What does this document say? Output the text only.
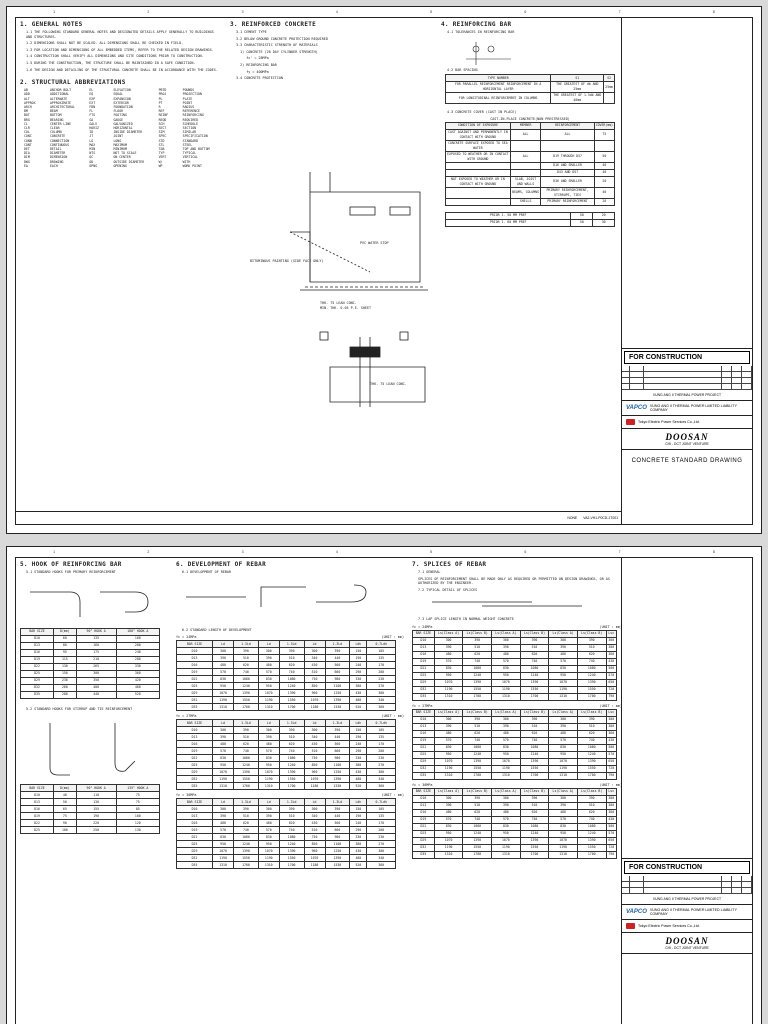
1	2	3	4	5	6	7	8
1. GENERAL NOTES
1.1 THE FOLLOWING STANDARD GENERAL NOTES AND DESIGNATED DETAILS APPLY GENERALLY TO BUILDINGS AND STRUCTURES.
1.2 DIMENSIONS SHALL NOT BE SCALED. ALL DIMENSIONS SHALL BE CHECKED IN FIELD.
1.3 FOR LOCATION AND DIMENSIONS OF ALL EMBEDDED ITEMS, REFER TO THE RELATED DESIGN DRAWINGS.
1.4 CONSTRUCTION SHALL VERIFY ALL DIMENSIONS AND SITE CONDITIONS PRIOR TO CONSTRUCTION.
1.5 DURING THE CONSTRUCTION, THE STRUCTURE SHALL BE MAINTAINED IN A SAFE CONDITION.
1.6 THE DESIGN AND DETAILING OF THE STRUCTURAL CONCRETE SHALL BE IN ACCORDANCE WITH THE CODES.
2. STRUCTURAL ABBREVIATIONS
AB	ANCHOR BOLT	EL	ELEVATION	PBTD	POUNDS
ADD	ADDITIONAL	EQ	EQUAL	PROJ	PROJECTION
ALT	ALTERNATE	EXP	EXPANSION	PL	PLATE
APPROX	APPROXIMATE	EXT	EXTERIOR	PT	POINT
ARCH	ARCHITECTURAL	FDN	FOUNDATION	R	RADIUS
BM	BEAM	FL	FLOOR	REF	REFERENCE
BOT	BOTTOM	FTG	FOOTING	REINF	REINFORCING
BRG	BEARING	GA	GAUGE	REQD	REQUIRED
CL	CENTER LINE	GALV	GALVANIZED	SCH	SCHEDULE
CLR	CLEAR	HORIZ	HORIZONTAL	SECT	SECTION
COL	COLUMN	ID	INSIDE DIAMETER	SIM	SIMILAR
CONC	CONCRETE	JT	JOINT	SPEC	SPECIFICATION
CONN	CONNECTION	LG	LONG	STD	STANDARD
CONT	CONTINUOUS	MAX	MAXIMUM	STL	STEEL
DET	DETAIL	MIN	MINIMUM	T&B	TOP AND BOTTOM
DIA	DIAMETER	NTS	NOT TO SCALE	TYP	TYPICAL
DIM	DIMENSION	OC	ON CENTER	VERT	VERTICAL
DWG	DRAWING	OD	OUTSIDE DIAMETER	W/	WITH
EA	EACH	OPNG	OPENING	WP	WORK POINT
3. REINFORCED CONCRETE
3.1 CEMENT TYPE
3.2 BELOW GROUND CONCRETE PROTECTION REQUIRED
3.3 CHARACTERISTIC STRENGTH OF MATERIALS
1) CONCRETE (28 DAY CYLINDER STRENGTH)
fc' = 28MPa
2) REINFORCING BAR
fy = 400MPa
3.4 CONCRETE PROTECTION
BITUMINOUS PAINTING (SIDE FACE ONLY)
PVC WATER STOP
THK. 75 LEAN CONC.
MIN. THK. 0.05 P.E. SHEET
THK. 75 LEAN CONC.
4. REINFORCING BAR
4.1 TOLERANCES IN REINFORCING BAR
4.2 BAR SPACING
TYPE NUMBER	S1	S2
FOR PARALLEL REINFORCEMENT REINFORCEMENT IN A HORIZONTAL LAYER	THE GREATEST OF db AND 25mm	25mm
FOR LONGITUDINAL REINFORCEMENT IN COLUMNS	THE GREATEST OF 1.5db AND 40mm	
4.3 CONCRETE COVER (CAST IN PLACE)
CAST-IN-PLACE CONCRETE(NON PRESTRESSED)
CONDITION OF EXPOSURE	MEMBER	REINFORCEMENT	COVER(mm)
CAST AGAINST AND PERMANENTLY IN CONTACT WITH GROUND	ALL	ALL	75
CONCRETE SURFACE EXPOSED TO SEA WATER			
EXPOSED TO WEATHER OR IN CONTACT WITH GROUND	ALL	D19 THROUGH D57	50
		D16 AND SMALLER	40
		D43 AND D57	40
NOT EXPOSED TO WEATHER OR IN CONTACT WITH GROUND	SLAB, JOIST AND WALLS	D36 AND SMALLER	20
	BEAMS, COLUMNS	PRIMARY REINFORCEMENT, STIRRUPS, TIES	40
	SHELLS	PRIMARY REINFORCEMENT	20
PRIOR 1. 50 MM PREF	50	20
PRIOR 1. 60 MM PREF	50	30
FOR CONSTRUCTION
VUNG ANG II THERMAL POWER PROJECT
VAPCO VUNG ANG II THERMAL POWER LIMITED LIABILITY COMPANY
Tokyo Electric Power Services Co.,Ltd.
DOOSAN
CHI - DCT JOINT VENTURE
CONCRETE STANDARD DRAWING
NONE VA2-VH1-P0CD-1T001
1	2	3	4	5	6	7	8
5. HOOK OF REINFORCING BAR
5.1 STANDARD HOOKS FOR PRIMARY REINFORCEMENT
BAR SIZE	D(mm)	90° HOOK A	180° HOOK A
D10	60	135	160
D13	80	160	200
D16	95	175	240
D19	115	210	280
D22	130	265	330
D25	150	300	360
D29	230	350	420
D32	260	400	460
D35	280	440	520
5.2 STANDARD HOOKS FOR STIRRUP AND TIE REINFORCEMENT
BAR SIZE	D(mm)	90° HOOK A	135° HOOK A
D10	40	110	75
D13	50	130	75
D16	65	155	85
D19	75	190	100
D22	90	220	120
D25	100	250	130
6. DEVELOPMENT OF REBAR
6.1 DEVELOPMENT OF REBAR
6.2 STANDARD LENGTH OF DEVELOPMENT
fc = 24MPa	(UNIT : mm)
BAR SIZE	Ld	1.3Ld	Ld	1.3Ld	Ld	1.3Ld	Ldh	0.7Ldh
D10	300	390	300	390	300	390	150	105
D13	390	510	390	510	340	440	190	135
D16	480	620	480	620	430	560	240	170
D19	570	740	570	740	510	660	290	200
D22	830	1080	830	1080	750	980	330	230
D25	950	1240	950	1240	850	1100	380	270
D29	1070	1390	1070	1390	960	1250	430	300
D32	1190	1550	1190	1550	1070	1390	480	340
D35	1310	1700	1310	1700	1180	1530	520	360
fc = 27MPa	(UNIT : mm)
BAR SIZE	Ld	1.3Ld	Ld	1.3Ld	Ld	1.3Ld	Ldh	0.7Ldh
D10	300	390	300	390	300	390	150	105
D13	390	510	390	510	340	440	190	135
D16	480	620	480	620	430	560	240	170
D19	570	740	570	740	510	660	290	200
D22	830	1080	830	1080	750	980	330	230
D25	950	1240	950	1240	850	1100	380	270
D29	1070	1390	1070	1390	960	1250	430	300
D32	1190	1550	1190	1550	1070	1390	480	340
D35	1310	1700	1310	1700	1180	1530	520	360
fc = 30MPa	(UNIT : mm)
BAR SIZE	Ld	1.3Ld	Ld	1.3Ld	Ld	1.3Ld	Ldh	0.7Ldh
D10	300	390	300	390	300	390	150	105
D13	390	510	390	510	340	440	190	135
D16	480	620	480	620	430	560	240	170
D19	570	740	570	740	510	660	290	200
D22	830	1080	830	1080	750	980	330	230
D25	950	1240	950	1240	850	1100	380	270
D29	1070	1390	1070	1390	960	1250	430	300
D32	1190	1550	1190	1550	1070	1390	480	340
D35	1310	1700	1310	1700	1180	1530	520	360
7. SPLICES OF REBAR
7.1 GENERAL
SPLICES OF REINFORCEMENT SHALL BE MADE ONLY AS REQUIRED OR PERMITTED ON DESIGN DRAWINGS, OR AS AUTHORIZED BY THE ENGINEER.
7.2 TYPICAL DETAIL OF SPLICES
7.3 LAP SPLICE LENGTH IN NORMAL WEIGHT CONCRETE
fc = 24MPa	(UNIT : mm)
BAR SIZE	Ls(Class A)	Ls(Class B)	Ls(Class A)	Ls(Class B)	Ls(Class A)	Ls(Class B)	Lsc
D10	300	390	300	390	300	390	300
D13	390	510	390	510	390	510	300
D16	480	620	480	620	480	620	360
D19	570	740	570	740	570	740	430
D22	830	1080	830	1080	830	1080	500
D25	950	1240	950	1240	950	1240	570
D29	1070	1390	1070	1390	1070	1390	650
D32	1190	1550	1190	1550	1190	1550	720
D35	1310	1700	1310	1700	1310	1700	790
fc = 27MPa	(UNIT : mm)
BAR SIZE	Ls(Class A)	Ls(Class B)	Ls(Class A)	Ls(Class B)	Ls(Class A)	Ls(Class B)	Lsc
D10	300	390	300	390	300	390	300
D13	390	510	390	510	390	510	300
D16	480	620	480	620	480	620	360
D19	570	740	570	740	570	740	430
D22	830	1080	830	1080	830	1080	500
D25	950	1240	950	1240	950	1240	570
D29	1070	1390	1070	1390	1070	1390	650
D32	1190	1550	1190	1550	1190	1550	720
D35	1310	1700	1310	1700	1310	1700	790
fc = 30MPa	(UNIT : mm)
BAR SIZE	Ls(Class A)	Ls(Class B)	Ls(Class A)	Ls(Class B)	Ls(Class A)	Ls(Class B)	Lsc
D10	300	390	300	390	300	390	300
D13	390	510	390	510	390	510	300
D16	480	620	480	620	480	620	360
D19	570	740	570	740	570	740	430
D22	830	1080	830	1080	830	1080	500
D25	950	1240	950	1240	950	1240	570
D29	1070	1390	1070	1390	1070	1390	650
D32	1190	1550	1190	1550	1190	1550	720
D35	1310	1700	1310	1700	1310	1700	790
FOR CONSTRUCTION
VUNG ANG II THERMAL POWER PROJECT
VAPCO VUNG ANG II THERMAL POWER LIMITED LIABILITY COMPANY
Tokyo Electric Power Services Co.,Ltd.
DOOSAN
CHI - DCT JOINT VENTURE
